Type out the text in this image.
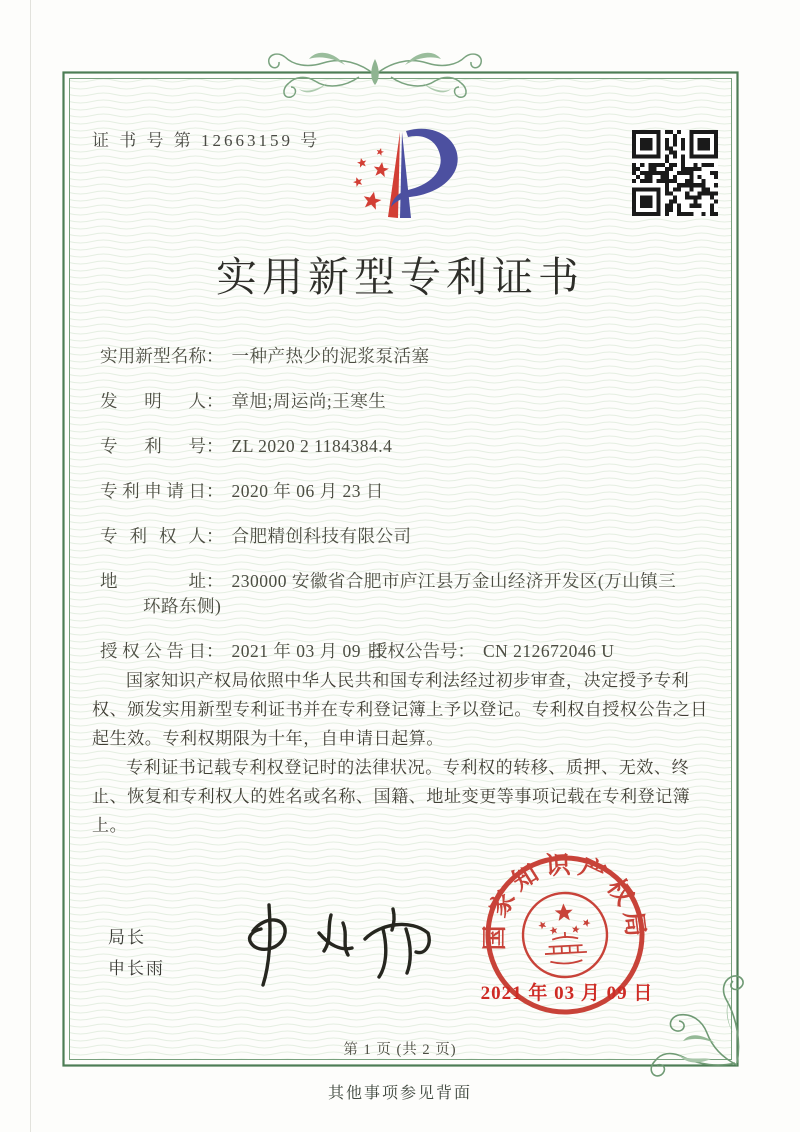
证 书 号 第 12663159 号
实用新型专利证书
实用新型名称： 一种产热少的泥浆泵活塞
发明人： 章旭;周运尚;王寒生
专利号： ZL 2020 2 1184384.4
专利申请日： 2020 年 06 月 23 日
专利权人： 合肥精创科技有限公司
地址： 230000 安徽省合肥市庐江县万金山经济开发区(万山镇三
环路东侧)
授权公告日： 2021 年 03 月 09 日
授权公告号： CN 212672046 U

国家知识产权局依照中华人民共和国专利法经过初步审查，决定授予专利权、颁发实用新型专利证书并在专利登记簿上予以登记。专利权自授权公告之日起生效。专利权期限为十年，自申请日起算。

专利证书记载专利权登记时的法律状况。专利权的转移、质押、无效、终止、恢复和专利权人的姓名或名称、国籍、地址变更等事项记载在专利登记簿上。

局长
申长雨
国家知识产权局
2021 年 03 月 09 日
第 1 页 (共 2 页)
其他事项参见背面
